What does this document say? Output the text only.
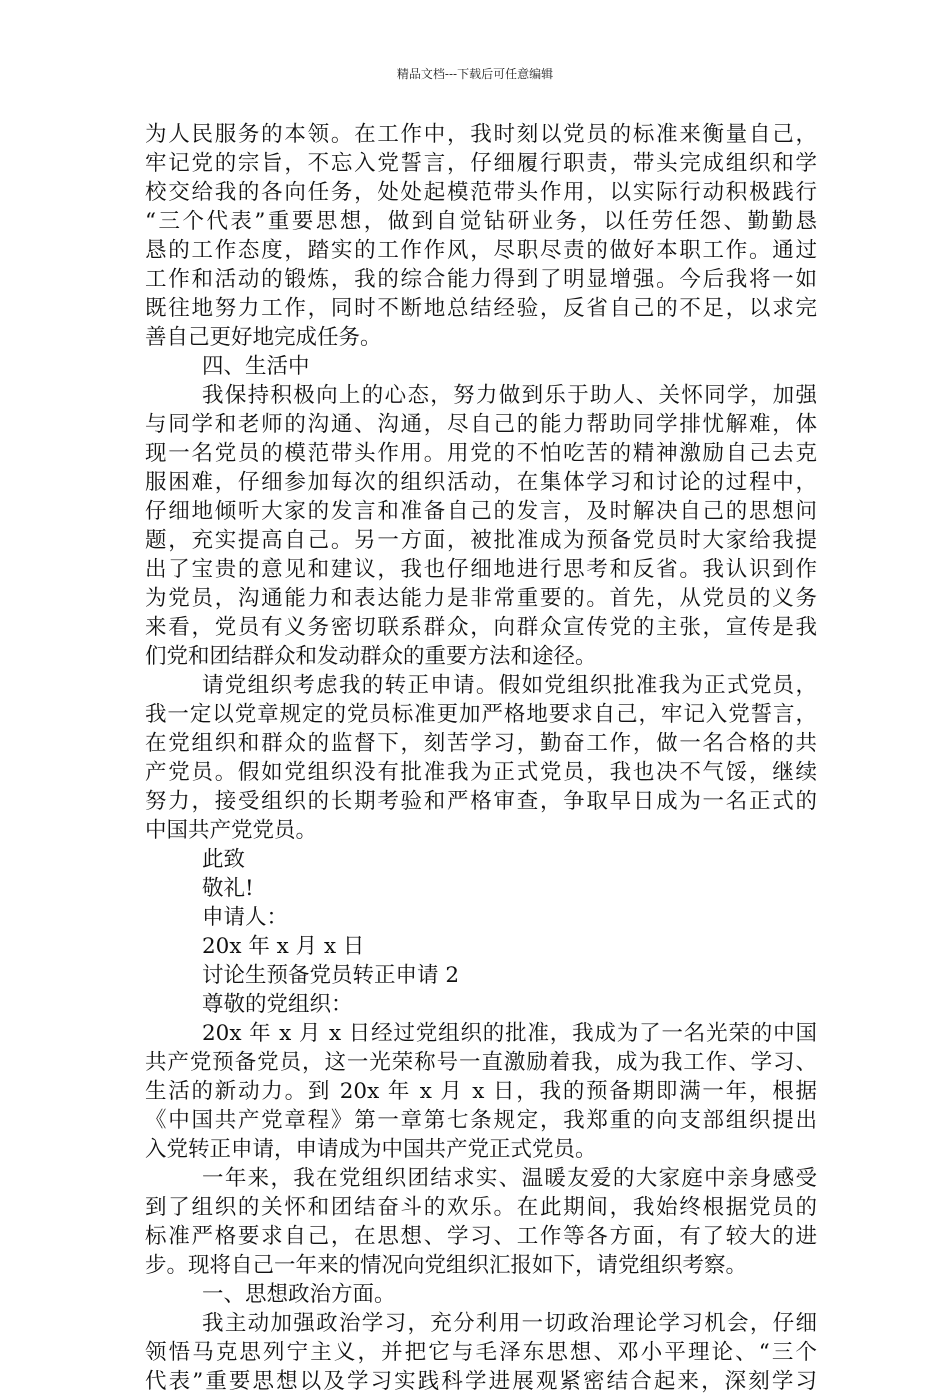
精品文档---下载后可任意编辑
为人民服务的本领。在工作中，我时刻以党员的标准来衡量自己，
牢记党的宗旨，不忘入党誓言，仔细履行职责，带头完成组织和学
校交给我的各向任务，处处起模范带头作用，以实际行动积极践行
“三个代表”重要思想，做到自觉钻研业务，以任劳任怨、勤勤恳
恳的工作态度，踏实的工作作风，尽职尽责的做好本职工作。通过
工作和活动的锻炼，我的综合能力得到了明显增强。今后我将一如
既往地努力工作，同时不断地总结经验，反省自己的不足，以求完
善自己更好地完成任务。
四、生活中
我保持积极向上的心态，努力做到乐于助人、关怀同学，加强
与同学和老师的沟通、沟通，尽自己的能力帮助同学排忧解难，体
现一名党员的模范带头作用。用党的不怕吃苦的精神激励自己去克
服困难，仔细参加每次的组织活动，在集体学习和讨论的过程中，
仔细地倾听大家的发言和准备自己的发言，及时解决自己的思想问
题，充实提高自己。另一方面，被批准成为预备党员时大家给我提
出了宝贵的意见和建议，我也仔细地进行思考和反省。我认识到作
为党员，沟通能力和表达能力是非常重要的。首先，从党员的义务
来看，党员有义务密切联系群众，向群众宣传党的主张，宣传是我
们党和团结群众和发动群众的重要方法和途径。
请党组织考虑我的转正申请。假如党组织批准我为正式党员，
我一定以党章规定的党员标准更加严格地要求自己，牢记入党誓言，
在党组织和群众的监督下，刻苦学习，勤奋工作，做一名合格的共
产党员。假如党组织没有批准我为正式党员，我也决不气馁，继续
努力，接受组织的长期考验和严格审查，争取早日成为一名正式的
中国共产党党员。
此致
敬礼!
申请人：
20x 年 x 月 x 日
讨论生预备党员转正申请 2
尊敬的党组织：
20x 年 x 月 x 日经过党组织的批准，我成为了一名光荣的中国
共产党预备党员，这一光荣称号一直激励着我，成为我工作、学习、
生活的新动力。到 20x 年 x 月 x 日，我的预备期即满一年，根据
《中国共产党章程》第一章第七条规定，我郑重的向支部组织提出
入党转正申请，申请成为中国共产党正式党员。
一年来，我在党组织团结求实、温暖友爱的大家庭中亲身感受
到了组织的关怀和团结奋斗的欢乐。在此期间，我始终根据党员的
标准严格要求自己，在思想、学习、工作等各方面，有了较大的进
步。现将自己一年来的情况向党组织汇报如下，请党组织考察。
一、思想政治方面。
我主动加强政治学习，充分利用一切政治理论学习机会，仔细
领悟马克思列宁主义，并把它与毛泽东思想、邓小平理论、“三个
代表”重要思想以及学习实践科学进展观紧密结合起来，深刻学习
